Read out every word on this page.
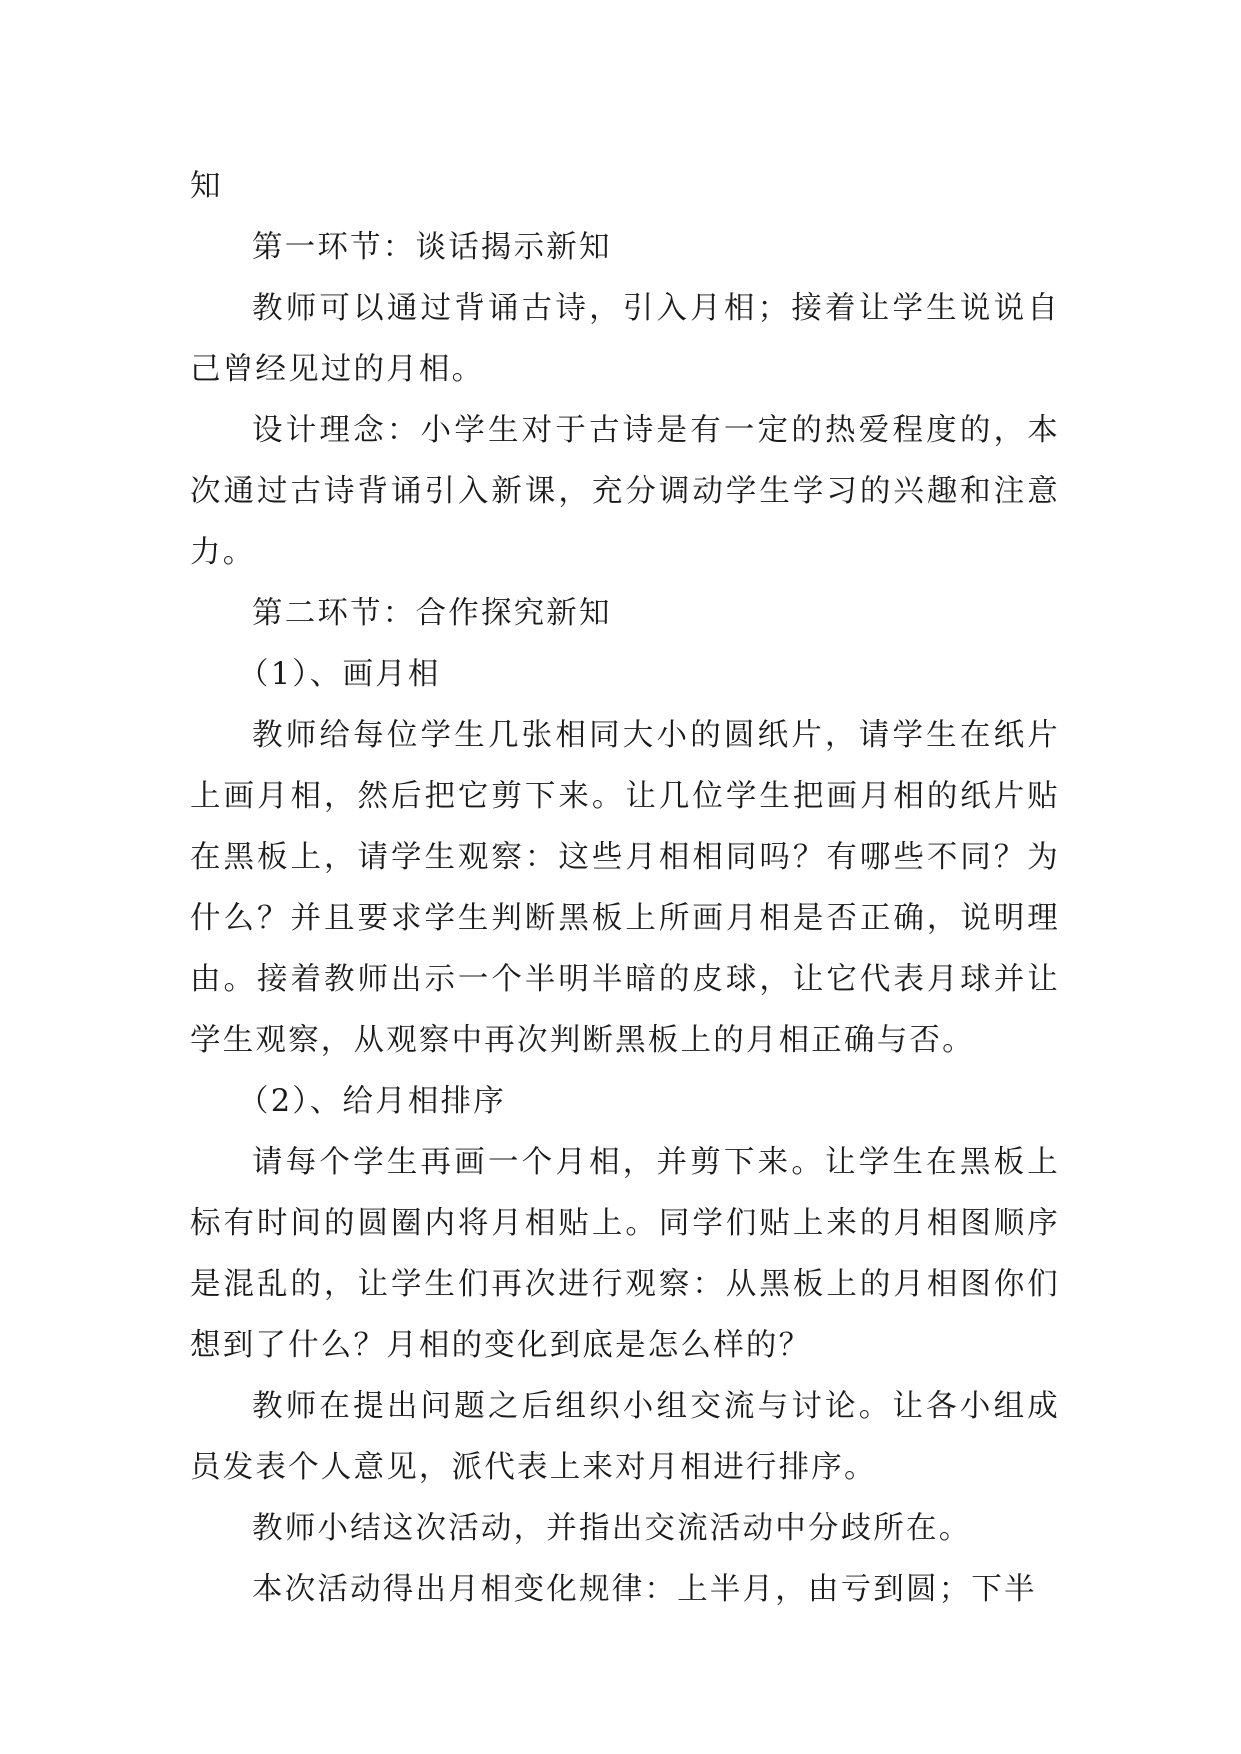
知

第一环节：谈话揭示新知

教师可以通过背诵古诗，引入月相；接着让学生说说自己曾经见过的月相。

设计理念：小学生对于古诗是有一定的热爱程度的，本次通过古诗背诵引入新课，充分调动学生学习的兴趣和注意力。

第二环节：合作探究新知

（1）、画月相

教师给每位学生几张相同大小的圆纸片，请学生在纸片上画月相，然后把它剪下来。让几位学生把画月相的纸片贴在黑板上，请学生观察：这些月相相同吗？有哪些不同？为什么？并且要求学生判断黑板上所画月相是否正确，说明理由。接着教师出示一个半明半暗的皮球，让它代表月球并让学生观察，从观察中再次判断黑板上的月相正确与否。

（2）、给月相排序

请每个学生再画一个月相，并剪下来。让学生在黑板上标有时间的圆圈内将月相贴上。同学们贴上来的月相图顺序是混乱的，让学生们再次进行观察：从黑板上的月相图你们想到了什么？月相的变化到底是怎么样的？

教师在提出问题之后组织小组交流与讨论。让各小组成员发表个人意见，派代表上来对月相进行排序。

教师小结这次活动，并指出交流活动中分歧所在。

本次活动得出月相变化规律：上半月，由亏到圆；下半
